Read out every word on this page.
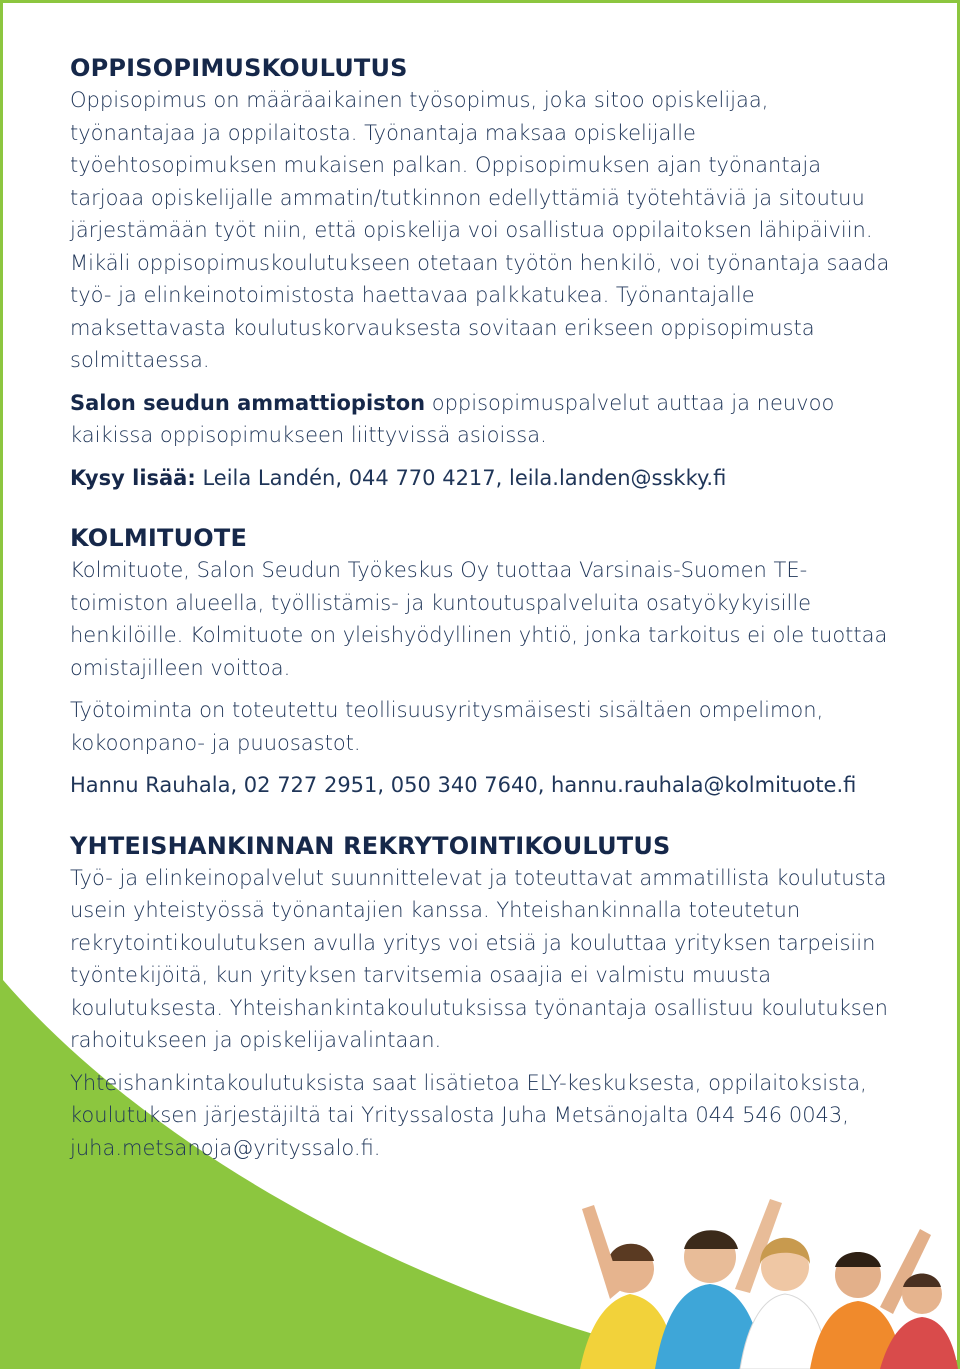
OPPISOPIMUSKOULUTUS

Oppisopimus on määräaikainen työsopimus, joka sitoo opiskelijaa, työnantajaa ja oppilaitosta. Työnantaja maksaa opiskelijalle työehtosopimuksen mukaisen palkan. Oppisopimuksen ajan työnantaja tarjoaa opiskelijalle ammatin/tutkinnon edellyttämiä työtehtäviä ja sitoutuu järjestämään työt niin, että opiskelija voi osallistua oppilaitoksen lähipäiviin. Mikäli oppisopimuskoulutukseen otetaan työtön henkilö, voi työnantaja saada työ- ja elinkeinotoimistosta haettavaa palkkatukea. Työnantajalle maksettavasta koulutuskorvauksesta sovitaan erikseen oppisopimusta solmittaessa.

Salon seudun ammattiopiston oppisopimuspalvelut auttaa ja neuvoo kaikissa oppisopimukseen liittyvissä asioissa.

Kysy lisää: Leila Landén, 044 770 4217, leila.landen@sskky.fi

KOLMITUOTE

Kolmituote, Salon Seudun Työkeskus Oy tuottaa Varsinais-Suomen TE-toimiston alueella, työllistämis- ja kuntoutuspalveluita osatyökykyisille henkilöille. Kolmituote on yleishyödyllinen yhtiö, jonka tarkoitus ei ole tuottaa omistajilleen voittoa.

Työtoiminta on toteutettu teollisuusyritysmäisesti sisältäen ompelimon, kokoonpano- ja puuosastot.

Hannu Rauhala, 02 727 2951, 050 340 7640, hannu.rauhala@kolmituote.fi

YHTEISHANKINNAN REKRYTOINTIKOULUTUS

Työ- ja elinkeinopalvelut suunnittelevat ja toteuttavat ammatillista koulutusta usein yhteistyössä työnantajien kanssa. Yhteishankinnalla toteutetun rekrytointikoulutuksen avulla yritys voi etsiä ja kouluttaa yrityksen tarpeisiin työntekijöitä, kun yrityksen tarvitsemia osaajia ei valmistu muusta koulutuksesta. Yhteishankintakoulutuksissa työnantaja osallistuu koulutuksen rahoitukseen ja opiskelijavalintaan.

Yhteishankintakoulutuksista saat lisätietoa ELY-keskuksesta, oppilaitoksista, koulutuksen järjestäjiltä tai Yrityssalosta Juha Metsänojalta 044 546 0043, juha.metsanoja@yrityssalo.fi.
